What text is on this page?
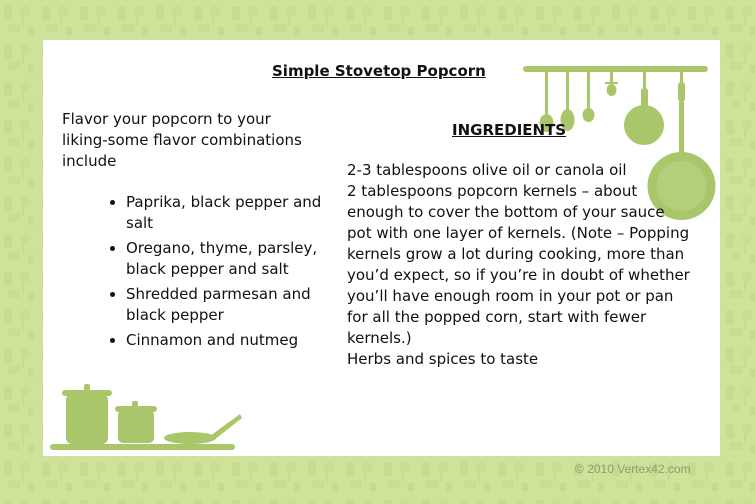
Simple Stovetop Popcorn
Flavor your popcorn to your liking-some flavor combinations include
• Paprika, black pepper and salt
• Oregano, thyme, parsley, black pepper and salt
• Shredded parmesan and black pepper
• Cinnamon and nutmeg
INGREDIENTS
2-3 tablespoons olive oil or canola oil
2 tablespoons popcorn kernels – about enough to cover the bottom of your sauce pot with one layer of kernels. (Note – Popping kernels grow a lot during cooking, more than you’d expect, so if you’re in doubt of whether you’ll have enough room in your pot or pan for all the popped corn, start with fewer kernels.)
Herbs and spices to taste
© 2010 Vertex42.com
